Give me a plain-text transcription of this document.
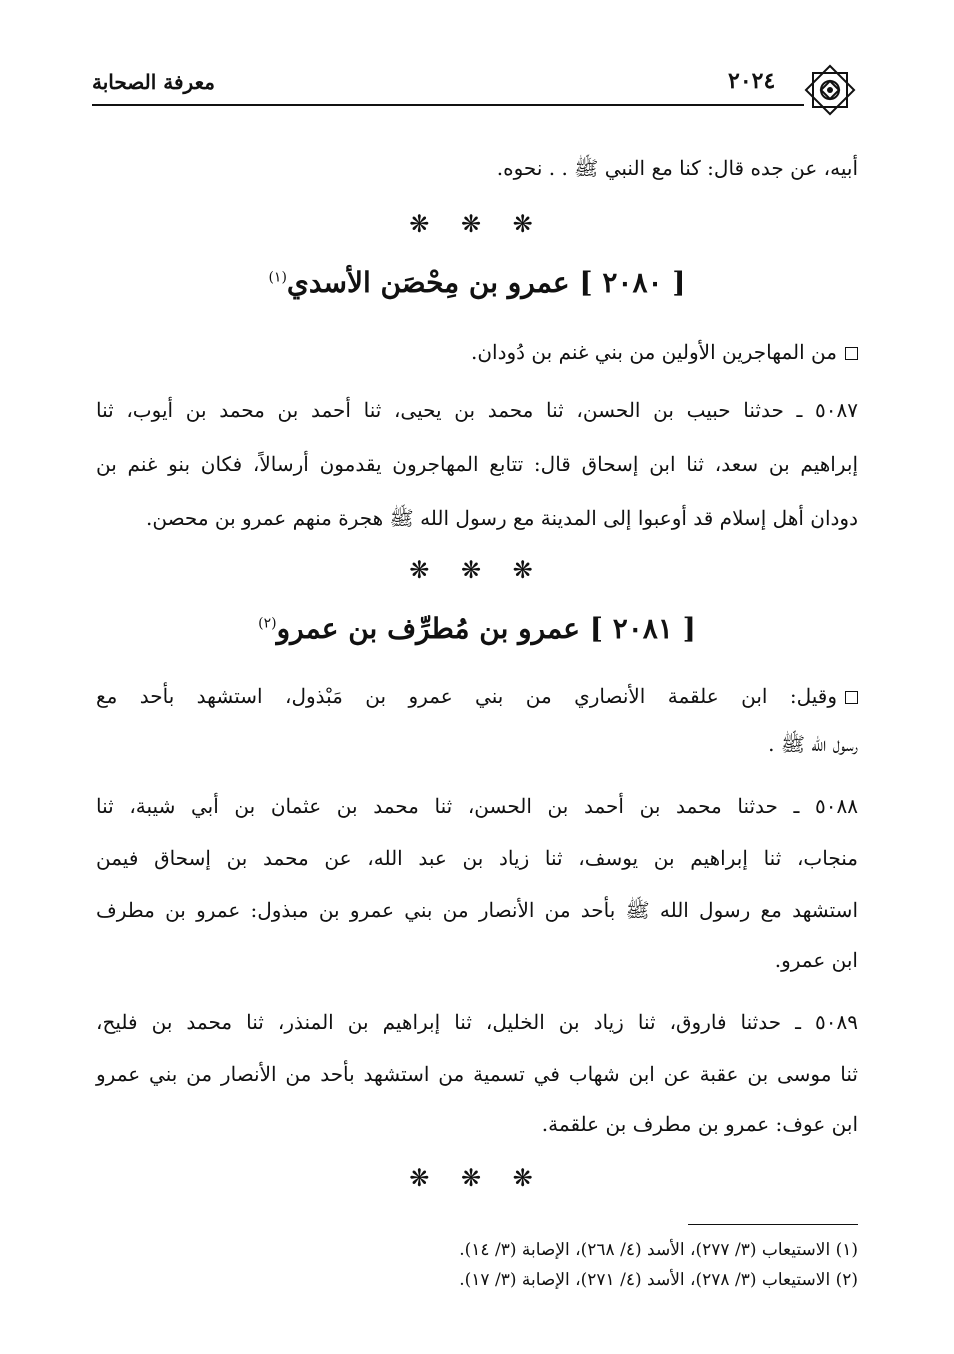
معرفة الصحابة	٢٠٢٤
أبيه، عن جده قال: كنا مع النبي ﷺ . . نحوه.
❋ ❋ ❋
[ ٢٠٨٠ ] عمرو بن مِحْصَن الأسدي$^{(١)}$
من المهاجرين الأولين من بني غنم بن دُودان.
٥٠٨٧ ـ حدثنا حبيب بن الحسن، ثنا محمد بن يحيى، ثنا أحمد بن محمد بن أيوب، ثنا
إبراهيم بن سعد، ثنا ابن إسحاق قال: تتابع المهاجرون يقدمون أرسالاً، فكان بنو غنم بن
دودان أهل إسلام قد أوعبوا إلى المدينة مع رسول الله ﷺ هجرة منهم عمرو بن محصن.
❋ ❋ ❋
[ ٢٠٨١ ] عمرو بن مُطرِّف بن عمرو$^{(٢)}$
وقيل: ابن علقمة الأنصاري من بني عمرو بن مَبْذول، استشهد بأحد مع
رسول الله ﷺ .
٥٠٨٨ ـ حدثنا محمد بن أحمد بن الحسن، ثنا محمد بن عثمان بن أبي شيبة، ثنا
منجاب، ثنا إبراهيم بن يوسف، ثنا زياد بن عبد الله، عن محمد بن إسحاق فيمن
استشهد مع رسول الله ﷺ بأحد من الأنصار من بني عمرو بن مبذول: عمرو بن مطرف
ابن عمرو.
٥٠٨٩ ـ حدثنا فاروق، ثنا زياد بن الخليل، ثنا إبراهيم بن المنذر، ثنا محمد بن فليح،
ثنا موسى بن عقبة عن ابن شهاب في تسمية من استشهد بأحد من الأنصار من بني عمرو
ابن عوف: عمرو بن مطرف بن علقمة.
❋ ❋ ❋
(١) الاستيعاب (٣/ ٢٧٧)، الأسد (٤/ ٢٦٨)، الإصابة (٣/ ١٤).
(٢) الاستيعاب (٣/ ٢٧٨)، الأسد (٤/ ٢٧١)، الإصابة (٣/ ١٧).
